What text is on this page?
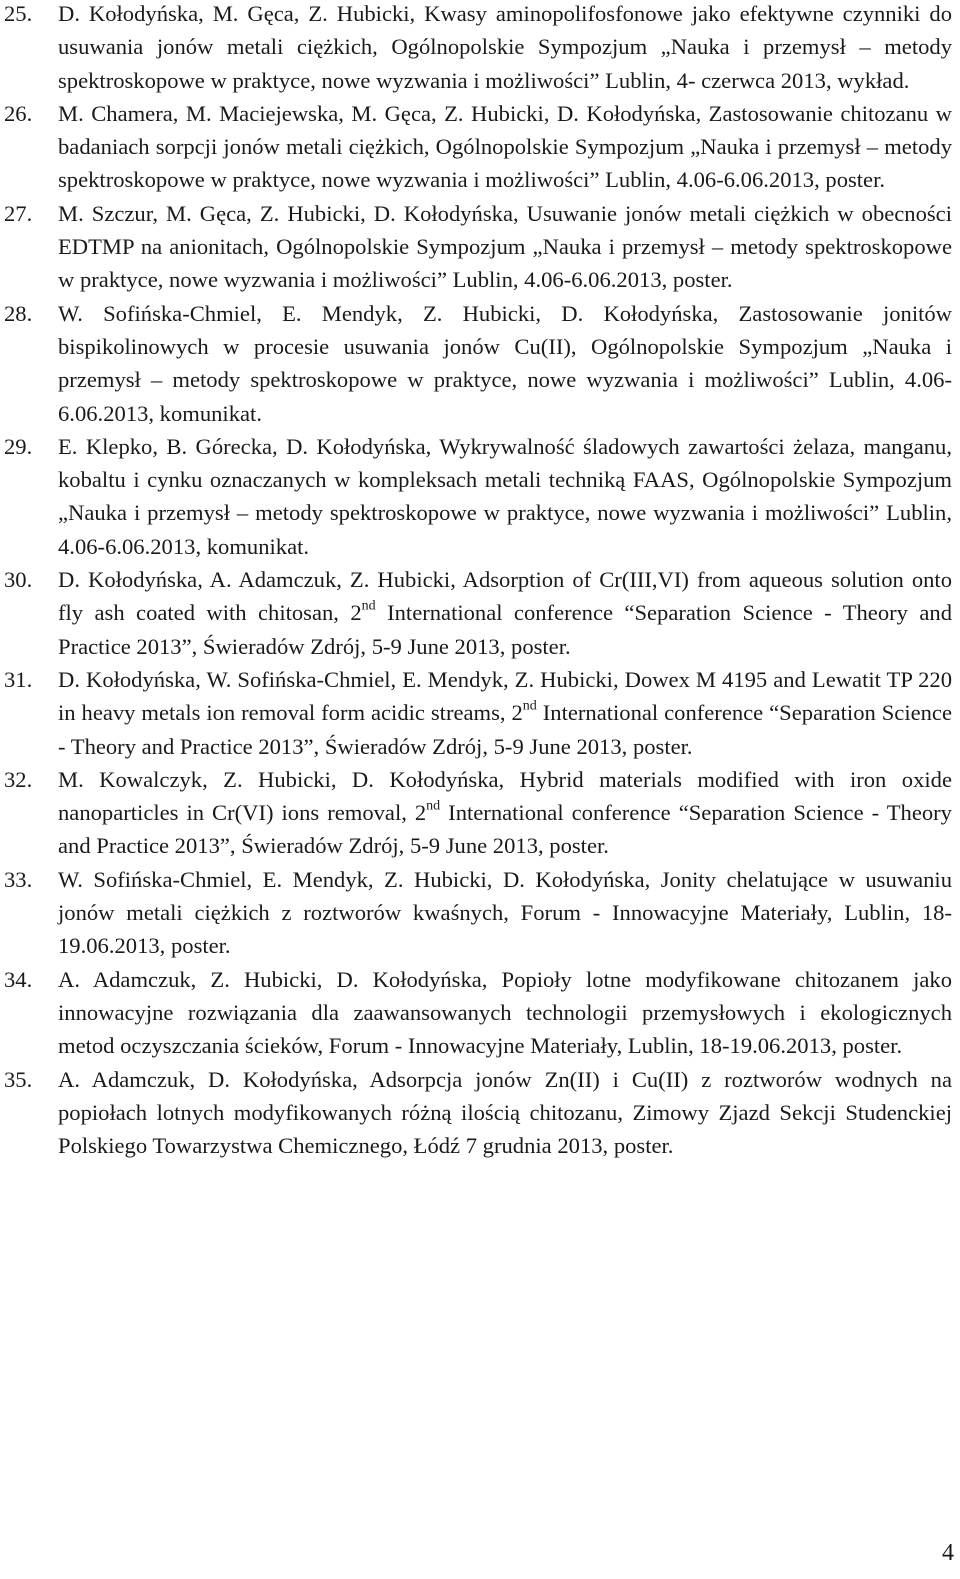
25. D. Kołodyńska, M. Gęca, Z. Hubicki, Kwasy aminopolifosfonowe jako efektywne czynniki do usuwania jonów metali ciężkich, Ogólnopolskie Sympozjum „Nauka i przemysł – metody spektroskopowe w praktyce, nowe wyzwania i możliwości” Lublin, 4- czerwca 2013, wykład.
26. M. Chamera, M. Maciejewska, M. Gęca, Z. Hubicki, D. Kołodyńska, Zastosowanie chitozanu w badaniach sorpcji jonów metali ciężkich, Ogólnopolskie Sympozjum „Nauka i przemysł – metody spektroskopowe w praktyce, nowe wyzwania i możliwości” Lublin, 4.06-6.06.2013, poster.
27. M. Szczur, M. Gęca, Z. Hubicki, D. Kołodyńska, Usuwanie jonów metali ciężkich w obecności EDTMP na anionitach, Ogólnopolskie Sympozjum „Nauka i przemysł – metody spektroskopowe w praktyce, nowe wyzwania i możliwości” Lublin, 4.06-6.06.2013, poster.
28. W. Sofińska-Chmiel, E. Mendyk, Z. Hubicki, D. Kołodyńska, Zastosowanie jonitów bispikolinowych w procesie usuwania jonów Cu(II), Ogólnopolskie Sympozjum „Nauka i przemysł – metody spektroskopowe w praktyce, nowe wyzwania i możliwości” Lublin, 4.06-6.06.2013, komunikat.
29. E. Klepko, B. Górecka, D. Kołodyńska, Wykrywalność śladowych zawartości żelaza, manganu, kobaltu i cynku oznaczanych w kompleksach metali techniką FAAS, Ogólnopolskie Sympozjum „Nauka i przemysł – metody spektroskopowe w praktyce, nowe wyzwania i możliwości” Lublin, 4.06-6.06.2013, komunikat.
30. D. Kołodyńska, A. Adamczuk, Z. Hubicki, Adsorption of Cr(III,VI) from aqueous solution onto fly ash coated with chitosan, 2nd International conference “Separation Science - Theory and Practice 2013”, Świeradów Zdrój, 5-9 June 2013, poster.
31. D. Kołodyńska, W. Sofińska-Chmiel, E. Mendyk, Z. Hubicki, Dowex M 4195 and Lewatit TP 220 in heavy metals ion removal form acidic streams, 2nd International conference “Separation Science - Theory and Practice 2013”, Świeradów Zdrój, 5-9 June 2013, poster.
32. M. Kowalczyk, Z. Hubicki, D. Kołodyńska, Hybrid materials modified with iron oxide nanoparticles in Cr(VI) ions removal, 2nd International conference “Separation Science - Theory and Practice 2013”, Świeradów Zdrój, 5-9 June 2013, poster.
33. W. Sofińska-Chmiel, E. Mendyk, Z. Hubicki, D. Kołodyńska, Jonity chelatujące w usuwaniu jonów metali ciężkich z roztworów kwaśnych, Forum - Innowacyjne Materiały, Lublin, 18-19.06.2013, poster.
34. A. Adamczuk, Z. Hubicki, D. Kołodyńska, Popioły lotne modyfikowane chitozanem jako innowacyjne rozwiązania dla zaawansowanych technologii przemysłowych i ekologicznych metod oczyszczania ścieków, Forum - Innowacyjne Materiały, Lublin, 18-19.06.2013, poster.
35. A. Adamczuk, D. Kołodyńska, Adsorpcja jonów Zn(II) i Cu(II) z roztworów wodnych na popiołach lotnych modyfikowanych różną ilością chitozanu, Zimowy Zjazd Sekcji Studenckiej Polskiego Towarzystwa Chemicznego, Łódź 7 grudnia 2013, poster.
4
